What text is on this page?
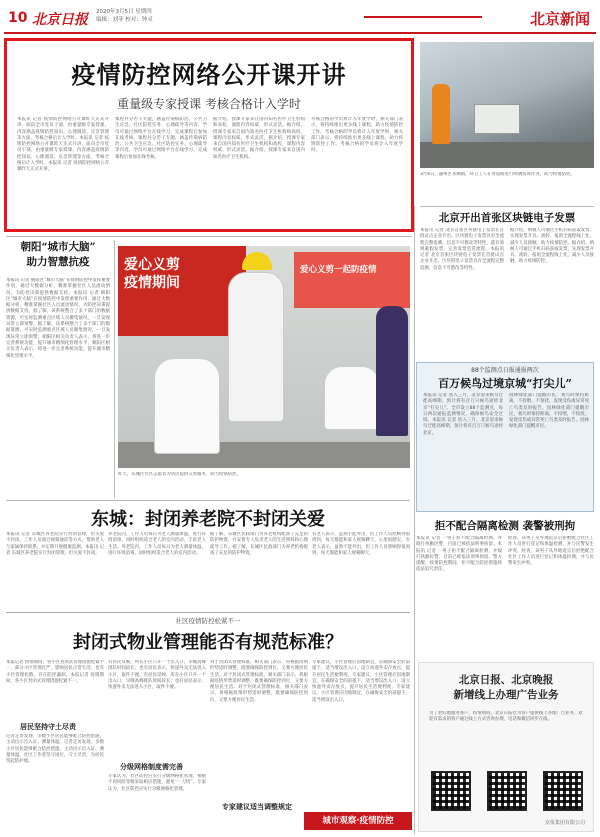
10 北京日报 2020年3月5日 星期四
编辑：刘菲 校对：钟灵	北京新闻
疫情防控网络公开课开讲
重量级专家授课 考核合格计入学时
本报讯 记者 疫情防控网络公开课昨天正式开讲，面向全市党员干部，由重量级专家授课，内容涵盖疫情防控知识、心理调适、应急管理等方面，考核合格后计入学时。本报讯 记者 疫情防控网络公开课昨天正式开讲，面向全市党员干部，由重量级专家授课，内容涵盖疫情防控知识、心理调适、应急管理等方面，考核合格后计入学时。本报讯 记者 疫情防控网络公开课昨天正式开讲。
课程共分若干专题，涵盖传染病防治、公共卫生应急、社区防控实务、心理疏导等内容，学员可通过网络平台在线学习，完成课程后参加在线考核。课程共分若干专题，涵盖传染病防治、公共卫生应急、社区防控实务、心理疏导等内容，学员可通过网络平台在线学习，完成课程后参加在线考核。
据介绍，授课专家来自国内知名医疗卫生机构和高校，课程内容权威，形式灵活。据介绍，授课专家来自国内知名医疗卫生机构和高校，课程内容权威，形式灵活。据介绍，授课专家来自国内知名医疗卫生机构和高校，课程内容权威，形式灵活。据介绍，授课专家来自国内知名医疗卫生机构。
考核合格的学员将计入年度学时，相关部门表示，将持续推出更多线上课程，助力疫情防控工作。考核合格的学员将计入年度学时，相关部门表示，将持续推出更多线上课程，助力疫情防控工作。考核合格的学员将计入年度学时。
3月4日，通州区永顺镇，环卫工人在对道路进行喷洒消毒作业，助力疫情防控。
北京开出首张区块链电子发票
本报讯 记者 北京首张区块链电子发票在首批试点企业开出。区块链电子发票具有全流程完整追溯、信息不可篡改等特性，能有效规避假发票，完善发票监管流程。本报讯 记者 北京首张区块链电子发票在首批试点企业开出。区块链电子发票具有全流程完整追溯、信息不可篡改等特性。
据介绍，纳税人可通过手机扫码获取发票，实现发票开具、流转、报销全流程线上化，减少人员接触，助力疫情防控。据介绍，纳税人可通过手机扫码获取发票，实现发票开具、流转、报销全流程线上化，减少人员接触，助力疫情防控。
朝阳“城市大脑”
助力智慧抗疫
本报讯 记者 朝阳区“城市大脑”在疫情防控中发挥重要作用，通过大数据分析，精准掌握社区人员流动情况，为防控决策提供数据支持。本报讯 记者 朝阳区“城市大脑”在疫情防控中发挥重要作用，通过大数据分析，精准掌握社区人员流动情况，为防控决策提供数据支持。据了解，该系统整合了多个部门的数据资源，可实时监测重点区域人员聚集情况，一旦发现异常立即预警。据了解，该系统整合了多个部门的数据资源，可实时监测重点区域人员聚集情况，一旦发现异常立即预警。朝阳区相关负责人表示，将进一步完善系统功能，提升城市精细化管理水平。朝阳区相关负责人表示，将进一步完善系统功能，提升城市精细化管理水平。
爱心义剪
疫情期间
爱心义剪一起防疫情
昨天，东城区社区志愿者为居民提供义剪服务，助力疫情防控。
88个监测点日报通报两次
百万候鸟过境京城“打尖儿”
本报讯 记者 进入三月，北京迎来候鸟迁徙高峰期，预计将有百万只候鸟途经北京“打尖儿”。全市设立88个监测点，每日两次通报监测情况，确保候鸟安全过境。本报讯 记者 进入三月，北京迎来候鸟迁徙高峰期，预计将有百万只候鸟途经北京。
园林绿化部门提醒市民，观鸟时保持距离，不投喂、不惊扰，发现受伤或异常死亡鸟类及时报告。园林绿化部门提醒市民，观鸟时保持距离，不投喂、不惊扰，发现受伤或异常死亡鸟类及时报告。园林绿化部门提醒市民。
拒不配合隔离检测 袭警被刑拘
本报讯 记者 一男子拒不配合隔离检测，并殴打执勤民警，目前已被依法刑事拘留。本报讯 记者 一男子拒不配合隔离检测，并殴打执勤民警，目前已被依法刑事拘留。警方提醒，疫情防控期间，拒不配合防控措施将依法追究责任。
经查，该男子从外地返京后拒绝配合社区工作人员进行登记和体温检测，并与民警发生冲突。经查，该男子从外地返京后拒绝配合社区工作人员进行登记和体温检测，并与民警发生冲突。
东城：封闭养老院不封闭关爱
本报讯 记者 东城区养老院实行封闭管理，但关爱不封闭。工作人员通过视频通话等方式，帮助老人与家属保持联系，并定期开展健康监测。本报讯 记者 东城区养老院实行封闭管理，但关爱不封闭。
养老院内，工作人员每日为老人测量体温，进行环境消毒，同时组织适合老人的室内活动，丰富老人生活。养老院内，工作人员每日为老人测量体温，进行环境消毒，同时组织适合老人的室内活动。
据了解，东城区民政部门为养老机构配备了充足的防护物资，并安排专人负责老人的生活照料和心理疏导工作。据了解，东城区民政部门为养老机构配备了充足的防护物资。
有老人表示，虽然不能外出，但工作人员照顾得很周到，每天都能和家人视频聊天，心里很踏实。有老人表示，虽然不能外出，但工作人员照顾得很周到，每天都能和家人视频聊天。
社区疫情防控松紧不一
封闭式物业管理能否有规范标准？
本报记者 疫情期间，各小区封闭式管理措施松紧不一，部分小区管理过严，影响居民正常生活；也有小区管理松散，存在防控漏洞。本报记者 疫情期间，各小区封闭式管理措施松紧不一。
居民坚持守土尽责
记者走访发现，多数小区居民能够配合防控措施，主动出示出入证、测量体温。记者走访发现，多数小区居民能够配合防控措施，主动出示出入证、测量体温。社区工作者坚守岗位，守土尽责，为居民筑起防护墙。
有居民反映，所在小区只开一个出入口，早晚高峰排队时间较长；也有居民表示，快递外卖无法进入小区，取件不便。有居民反映，所在小区只开一个出入口，早晚高峰排队时间较长；也有居民表示，快递外卖无法进入小区，取件不便。
分级网格制度需完善
专家认为，社区防控应实行分级网格化管理，根据不同风险等级采取相应措施，避免“一刀切”。专家认为，社区防控应实行分级网格化管理。
对于封闭式管理标准，相关部门表示，将根据疫情形势适时调整，既要确保防控到位，又要方便居民生活。对于封闭式管理标准，相关部门表示，将根据疫情形势适时调整，既要确保防控到位，又要方便居民生活。对于封闭式管理标准，相关部门表示，将根据疫情形势适时调整，既要确保防控到位，又要方便居民生活。
专家建议适当调整规定
专家建议，小区管理应因地制宜，在确保安全的前提下，适当增设出入口，设立快递外卖存放点，提升居民生活便利度。专家建议，小区管理应因地制宜，在确保安全的前提下，适当增设出入口，设立快递外卖存放点，提升居民生活便利度。专家建议，小区管理应因地制宜，在确保安全的前提下，适当增设出入口。
城市观察·疫情防控
北京日报、北京晚报
新增线上办理广告业务
为了更好地服务客户，疫情期间，北京日报社为客户提供线上办理广告业务，欢迎有需求的客户通过线上方式咨询办理，电话和微信同步在线。
京报集团有限公司
